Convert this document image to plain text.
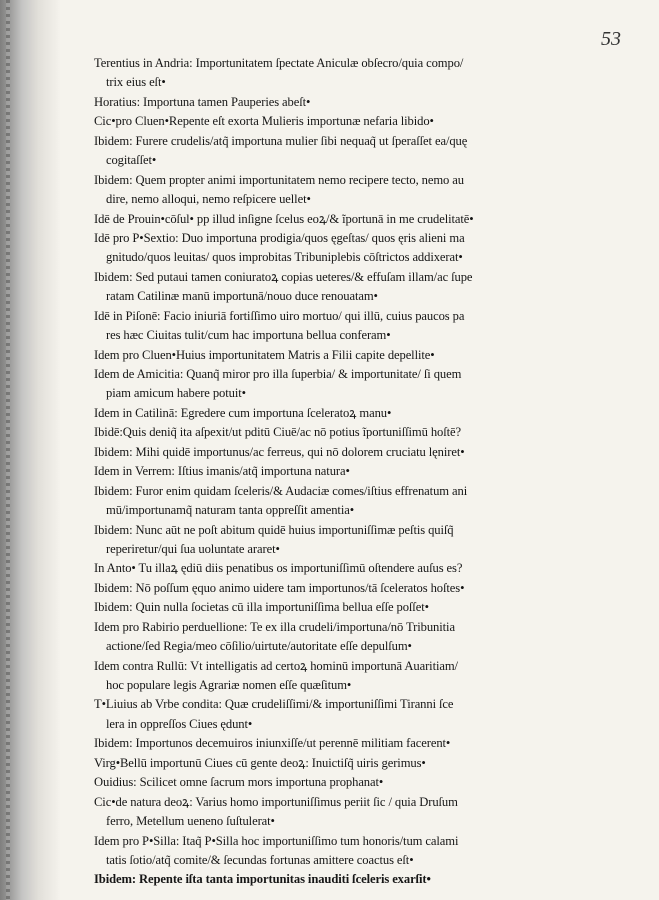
53
Terentius in Andria: Importunitatem ſpectate Aniculæ obſecro/quia compo/
trix eius eſt•
Horatius: Importuna tamen Pauperies abeſt•
Cic•pro Cluen•Repente eſt exorta Mulieris importunæ nefaria libido•
Ibidem: Furere crudelis/atq̃ importuna mulier ſibi nequaq̃ ut ſperaſſet ea/quę
cogitaſſet•
Ibidem: Quem propter animi importunitatem nemo recipere tecto, nemo au
dire, nemo alloqui, nemo reſpicere uellet•
Idē de Prouin•cōſul• pp illud inſigne ſcelus eoꝝ/& ĩportunā in me crudelitatē•
Idē pro P•Sextio: Duo importuna prodigia/quos ęgeſtas/ quos ęris alieni ma
gnitudo/quos leuitas/ quos improbitas Tribuniplebis cōſtrictos addixerat•
Ibidem: Sed putaui tamen coniuratoꝝ copias ueteres/& effuſam illam/ac ſupe
ratam Catilinæ manū importunā/nouo duce renouatam•
Idē in Piſonē: Facio iniuriā fortiſſimo uiro mortuo/ qui illū, cuius paucos pa
res hæc Ciuitas tulit/cum hac importuna bellua conferam•
Idem pro Cluen•Huius importunitatem Matris a Filii capite depellite•
Idem de Amicitia: Quanq̃ miror pro illa ſuperbia/ & importunitate/ ſi quem
piam amicum habere potuit•
Idem in Catilinā: Egredere cum importuna ſceleratoꝝ manu•
Ibidē:Quis deniq̃ ita aſpexit/ut pditū Ciuē/ac nō potius ĩportuniſſimū hoſtē?
Ibidem: Mihi quidē importunus/ac ferreus, qui nō dolorem cruciatu lęniret•
Idem in Verrem: Iſtius imanis/atq̃ importuna natura•
Ibidem: Furor enim quidam ſceleris/& Audaciæ comes/iſtius effrenatum ani
mū/importunamq̃ naturam tanta oppreſſit amentia•
Ibidem: Nunc aūt ne poſt abitum quidē huius importuniſſimæ peſtis quiſq̃
reperiretur/qui ſua uoluntate araret•
In Anto• Tu illaꝝ ędiū diis penatibus os importuniſſimū oſtendere auſus es?
Ibidem: Nō poſſum ęquo animo uidere tam importunos/tā ſceleratos hoſtes•
Ibidem: Quin nulla ſocietas cū illa importuniſſima bellua eſſe poſſet•
Idem pro Rabirio perduellione: Te ex illa crudeli/importuna/nō Tribunitia
actione/ſed Regia/meo cōſilio/uirtute/autoritate eſſe depulſum•
Idem contra Rullū: Vt intelligatis ad certoꝝ hominū importunā Auaritiam/
hoc populare legis Agrariæ nomen eſſe quæſitum•
T•Liuius ab Vrbe condita: Quæ crudeliſſimi/& importuniſſimi Tiranni ſce
lera in oppreſſos Ciues ędunt•
Ibidem: Importunos decemuiros iniunxiſſe/ut perennē militiam facerent•
Virg•Bellū importunū Ciues cū gente deoꝝ: Inuictiſq̃ uiris gerimus•
Ouidius: Scilicet omne ſacrum mors importuna prophanat•
Cic•de natura deoꝝ: Varius homo importuniſſimus periit ſic / quia Druſum
ferro, Metellum ueneno ſuſtulerat•
Idem pro P•Silla: Itaq̃ P•Silla hoc importuniſſimo tum honoris/tum calami
tatis ſotio/atq̃ comite/& ſecundas fortunas amittere coactus eſt•
Ibidem: Repente iſta tanta importunitas inauditi ſceleris exarſit•
